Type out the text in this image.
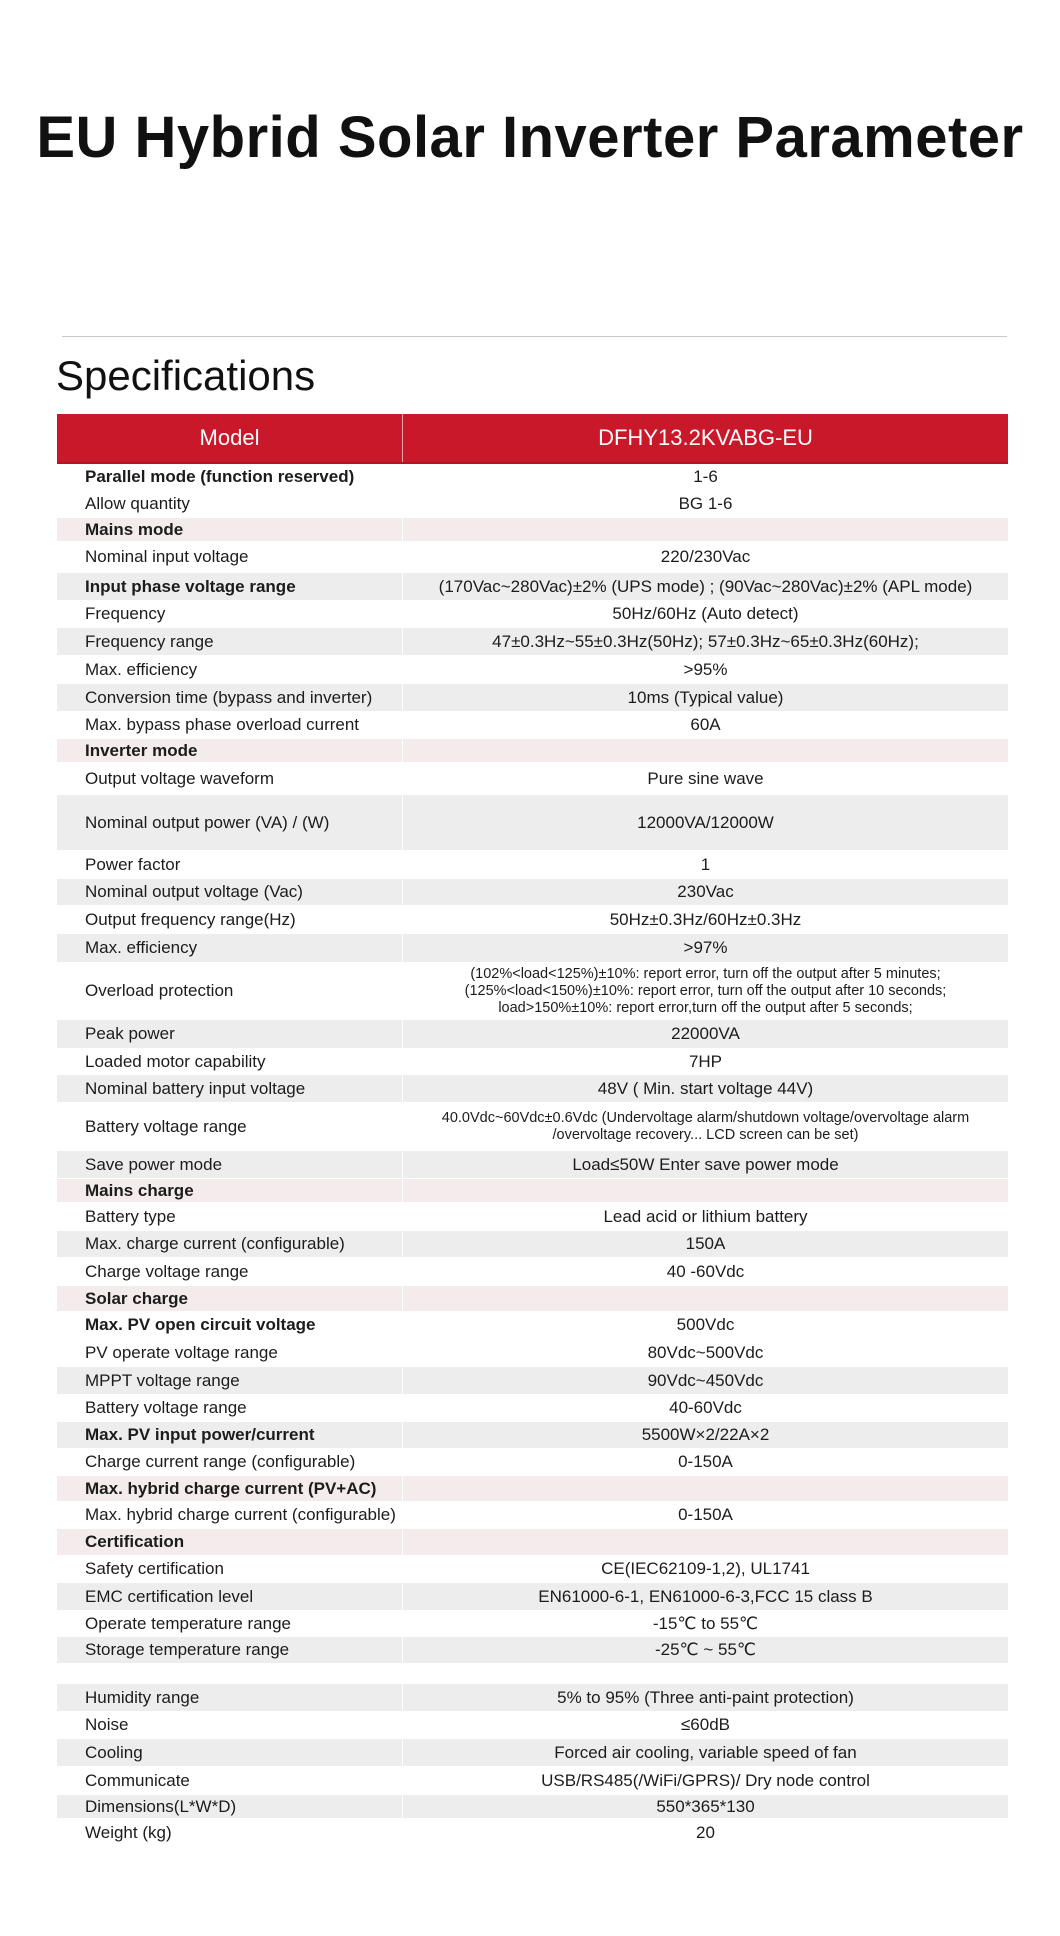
EU Hybrid Solar Inverter Parameter
Specifications
Model	DFHY13.2KVABG-EU
Parallel mode (function reserved)	1-6
Allow quantity	BG 1-6
Mains mode
Nominal input voltage	220/230Vac
Input phase voltage range	(170Vac~280Vac)±2% (UPS mode) ; (90Vac~280Vac)±2% (APL mode)
Frequency	50Hz/60Hz (Auto detect)
Frequency range	47±0.3Hz~55±0.3Hz(50Hz); 57±0.3Hz~65±0.3Hz(60Hz);
Max. efficiency	>95%
Conversion time (bypass and inverter)	10ms (Typical value)
Max. bypass phase overload current	60A
Inverter mode
Output voltage waveform	Pure sine wave
Nominal output power (VA) / (W)	12000VA/12000W
Power factor	1
Nominal output voltage (Vac)	230Vac
Output frequency range(Hz)	50Hz±0.3Hz/60Hz±0.3Hz
Max. efficiency	>97%
Overload protection
(102%<load<125%)±10%: report error, turn off the output after 5 minutes;
(125%<load<150%)±10%: report error, turn off the output after 10 seconds;
load>150%±10%: report error,turn off the output after 5 seconds;
Peak power	22000VA
Loaded motor capability	7HP
Nominal battery input voltage	48V ( Min. start voltage 44V)
Battery voltage range	40.0Vdc~60Vdc±0.6Vdc (Undervoltage alarm/shutdown voltage/overvoltage alarm
/overvoltage recovery... LCD screen can be set)
Save power mode	Load≤50W Enter save power mode
Mains charge
Battery type	Lead acid or lithium battery
Max. charge current (configurable)	150A
Charge voltage range	40 -60Vdc
Solar charge
Max. PV open circuit voltage	500Vdc
PV operate voltage range	80Vdc~500Vdc
MPPT voltage range	90Vdc~450Vdc
Battery voltage range	40-60Vdc
Max. PV input power/current	5500W×2/22A×2
Charge current range (configurable)	0-150A
Max. hybrid charge current (PV+AC)
Max. hybrid charge current (configurable)	0-150A
Certification
Safety certification	CE(IEC62109-1,2), UL1741
EMC certification level	EN61000-6-1, EN61000-6-3,FCC 15 class B
Operate temperature range	-15℃ to 55℃
Storage temperature range	-25℃ ~ 55℃
Humidity range	5% to 95% (Three anti-paint protection)
Noise	≤60dB
Cooling	Forced air cooling, variable speed of fan
Communicate	USB/RS485(/WiFi/GPRS)/ Dry node control
Dimensions(L*W*D)	550*365*130
Weight (kg)	20
